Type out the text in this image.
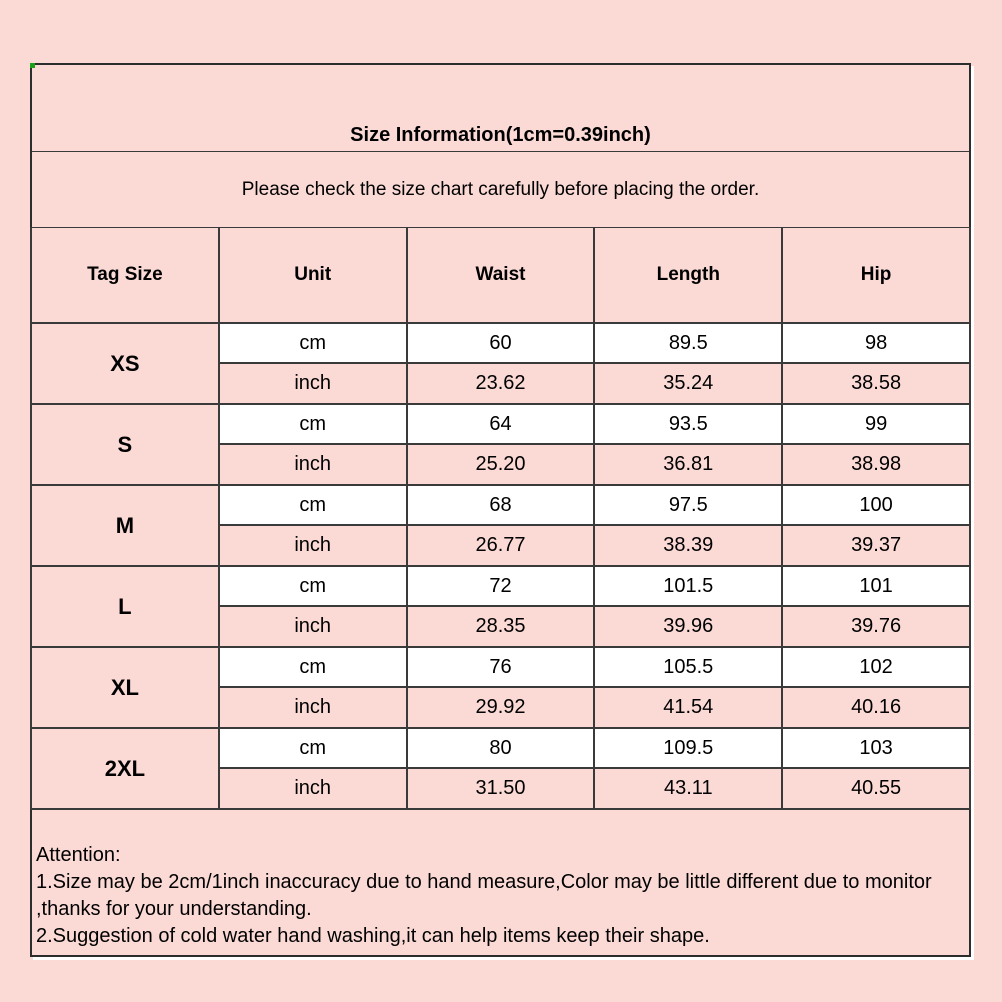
Size Information(1cm=0.39inch)				
Please check the size chart carefully before placing the order.				
Tag Size	Unit	Waist	Length	Hip
XS	cm	60	89.5	98
	inch	23.62	35.24	38.58
S	cm	64	93.5	99
	inch	25.20	36.81	38.98
M	cm	68	97.5	100
	inch	26.77	38.39	39.37
L	cm	72	101.5	101
	inch	28.35	39.96	39.76
XL	cm	76	105.5	102
	inch	29.92	41.54	40.16
2XL	cm	80	109.5	103
	inch	31.50	43.11	40.55

Attention:
1.Size may be 2cm/1inch inaccuracy due to hand measure,Color may be little different due to monitor
,thanks for your understanding.
2.Suggestion of cold water hand washing,it can help items keep their shape.				
